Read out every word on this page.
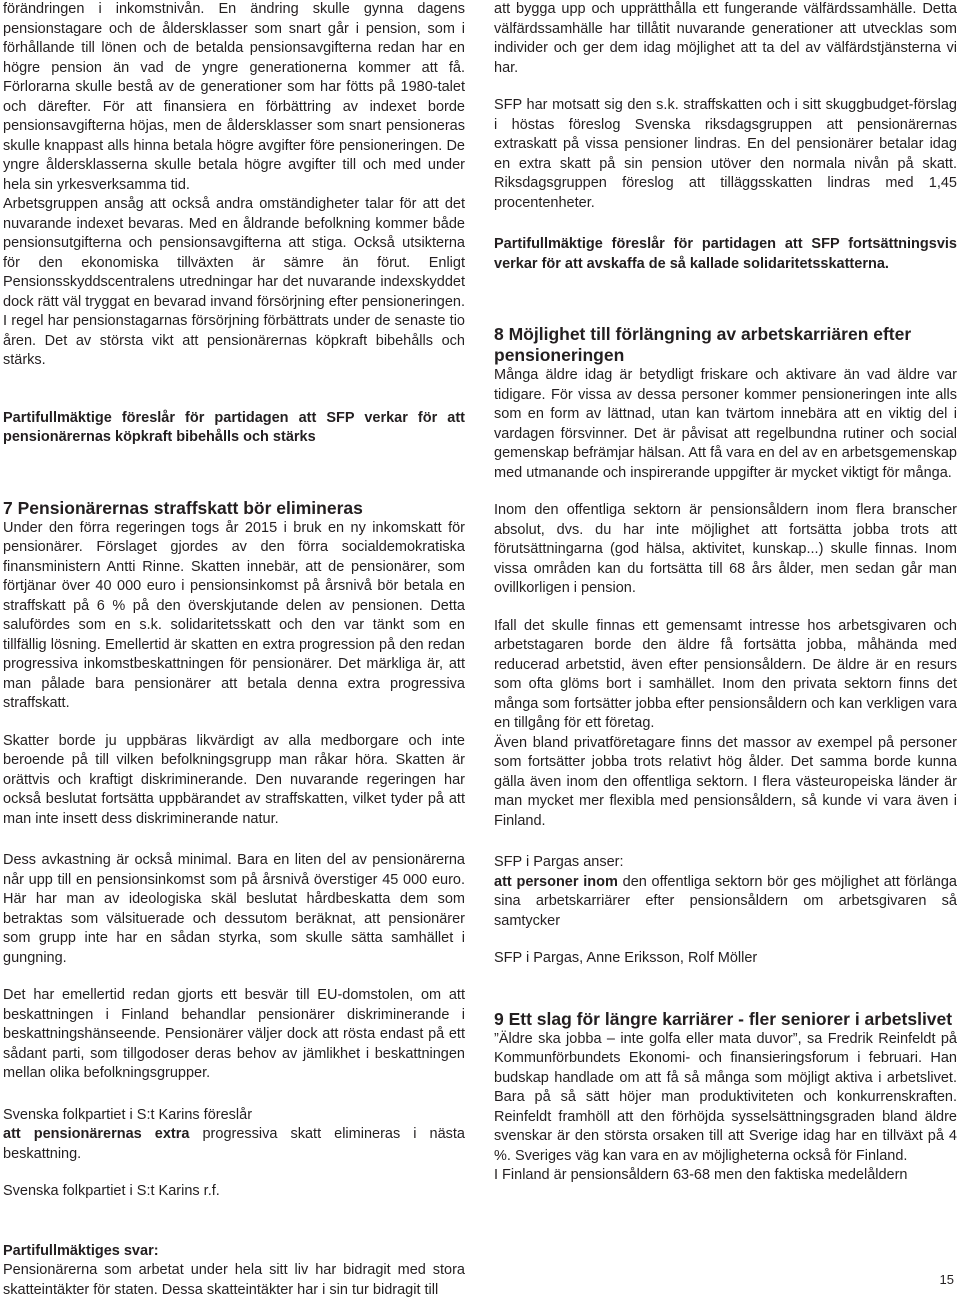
förändringen i inkomstnivån. En ändring skulle gynna dagens pensionstagare och de åldersklasser som snart går i pension, som i förhållande till lönen och de betalda pensionsavgifterna redan har en högre pension än vad de yngre generationerna kommer att få. Förlorarna skulle bestå av de generationer som har fötts på 1980-talet och därefter. För att finansiera en förbättring av indexet borde pensionsavgifterna höjas, men de åldersklasser som snart pensioneras skulle knappast alls hinna betala högre avgifter före pensioneringen. De yngre åldersklasserna skulle betala högre avgifter till och med under hela sin yrkesverksamma tid.

Arbetsgruppen ansåg att också andra omständigheter talar för att det nuvarande indexet bevaras. Med en åldrande befolkning kommer både pensionsutgifterna och pensionsavgifterna att stiga. Också utsikterna för den ekonomiska tillväxten är sämre än förut. Enligt Pensionsskyddscentralens utredningar har det nuvarande indexskyddet dock rätt väl tryggat en bevarad invand försörjning efter pensioneringen. I regel har pensionstagarnas försörjning förbättrats under de senaste tio åren. Det av största vikt att pensionärernas köpkraft bibehålls och stärks.

Partifullmäktige föreslår för partidagen att SFP verkar för att pensionärernas köpkraft bibehålls och stärks

7 Pensionärernas straffskatt bör elimineras

Under den förra regeringen togs år 2015 i bruk en ny inkomskatt för pensionärer. Förslaget gjordes av den förra socialdemokratiska finansministern Antti Rinne. Skatten innebär, att de pensionärer, som förtjänar över 40 000 euro i pensionsinkomst på årsnivå bör betala en straffskatt på 6 % på den överskjutande delen av pensionen. Detta salufördes som en s.k. solidaritetsskatt och den var tänkt som en tillfällig lösning. Emellertid är skatten en extra progression på den redan progressiva inkomstbeskattningen för pensionärer. Det märkliga är, att man pålade bara pensionärer att betala denna extra progressiva straffskatt.

Skatter borde ju uppbäras likvärdigt av alla medborgare och inte beroende på till vilken befolkningsgrupp man råkar höra. Skatten är orättvis och kraftigt diskriminerande. Den nuvarande regeringen har också beslutat fortsätta uppbärandet av straffskatten, vilket tyder på att man inte insett dess diskriminerande natur.

Dess avkastning är också minimal. Bara en liten del av pensionärerna når upp till en pensionsinkomst som på årsnivå överstiger 45 000 euro. Här har man av ideologiska skäl beslutat hårdbeskatta dem som betraktas som välsituerade och dessutom beräknat, att pensionärer som grupp inte har en sådan styrka, som skulle sätta samhället i gungning.

Det har emellertid redan gjorts ett besvär till EU-domstolen, om att beskattningen i Finland behandlar pensionärer diskriminerande i beskattningshänseende. Pensionärer väljer dock att rösta endast på ett sådant parti, som tillgodoser deras behov av jämlikhet i beskattningen mellan olika befolkningsgrupper.

Svenska folkpartiet i S:t Karins föreslår
att pensionärernas extra progressiva skatt elimineras i nästa beskattning.

Svenska folkpartiet i S:t Karins r.f.

Partifullmäktiges svar:
Pensionärerna som arbetat under hela sitt liv har bidragit med stora skatteintäkter för staten. Dessa skatteintäkter har i sin tur bidragit till

att bygga upp och upprätthålla ett fungerande välfärdssamhälle. Detta välfärdssamhälle har tillåtit nuvarande generationer att utvecklas som individer och ger dem idag möjlighet att ta del av välfärdstjänsterna vi har.

SFP har motsatt sig den s.k. straffskatten och i sitt skuggbudget-förslag i höstas föreslog Svenska riksdagsgruppen att pensionärernas extraskatt på vissa pensioner lindras. En del pensionärer betalar idag en extra skatt på sin pension utöver den normala nivån på skatt. Riksdagsgruppen föreslog att tilläggsskatten lindras med 1,45 procentenheter.

Partifullmäktige föreslår för partidagen att SFP fortsättningsvis verkar för att avskaffa de så kallade solidaritetsskatterna.

8 Möjlighet till förlängning av arbetskarriären efter pensioneringen

Många äldre idag är betydligt friskare och aktivare än vad äldre var tidigare. För vissa av dessa personer kommer pensioneringen inte alls som en form av lättnad, utan kan tvärtom innebära att en viktig del i vardagen försvinner. Det är påvisat att regelbundna rutiner och social gemenskap befrämjar hälsan. Att få vara en del av en arbetsgemenskap med utmanande och inspirerande uppgifter är mycket viktigt för många.

Inom den offentliga sektorn är pensionsåldern inom flera branscher absolut, dvs. du har inte möjlighet att fortsätta jobba trots att förutsättningarna (god hälsa, aktivitet, kunskap...) skulle finnas. Inom vissa områden kan du fortsätta till 68 års ålder, men sedan går man ovillkorligen i pension.

Ifall det skulle finnas ett gemensamt intresse hos arbetsgivaren och arbetstagaren borde den äldre få fortsätta jobba, måhända med reducerad arbetstid, även efter pensionsåldern. De äldre är en resurs som ofta glöms bort i samhället. Inom den privata sektorn finns det många som fortsätter jobba efter pensionsåldern och kan verkligen vara en tillgång för ett företag.

Även bland privatföretagare finns det massor av exempel på personer som fortsätter jobba trots relativt hög ålder. Det samma borde kunna gälla även inom den offentliga sektorn. I flera västeuropeiska länder är man mycket mer flexibla med pensionsåldern, så kunde vi vara även i Finland.

SFP i Pargas anser:
att personer inom den offentliga sektorn bör ges möjlighet att förlänga sina arbetskarriärer efter pensionsåldern om arbetsgivaren så samtycker

SFP i Pargas, Anne Eriksson, Rolf Möller

9 Ett slag för längre karriärer - fler seniorer i arbetslivet

”Äldre ska jobba – inte golfa eller mata duvor”, sa Fredrik Reinfeldt på Kommunförbundets Ekonomi- och finansieringsforum i februari. Han budskap handlade om att få så många som möjligt aktiva i arbetslivet. Bara på så sätt höjer man produktiviteten och konkurrenskraften. Reinfeldt framhöll att den förhöjda sysselsättningsgraden bland äldre svenskar är den största orsaken till att Sverige idag har en tillväxt på 4 %. Sveriges väg kan vara en av möjligheterna också för Finland.

I Finland är pensionsåldern 63-68 men den faktiska medelåldern

15
